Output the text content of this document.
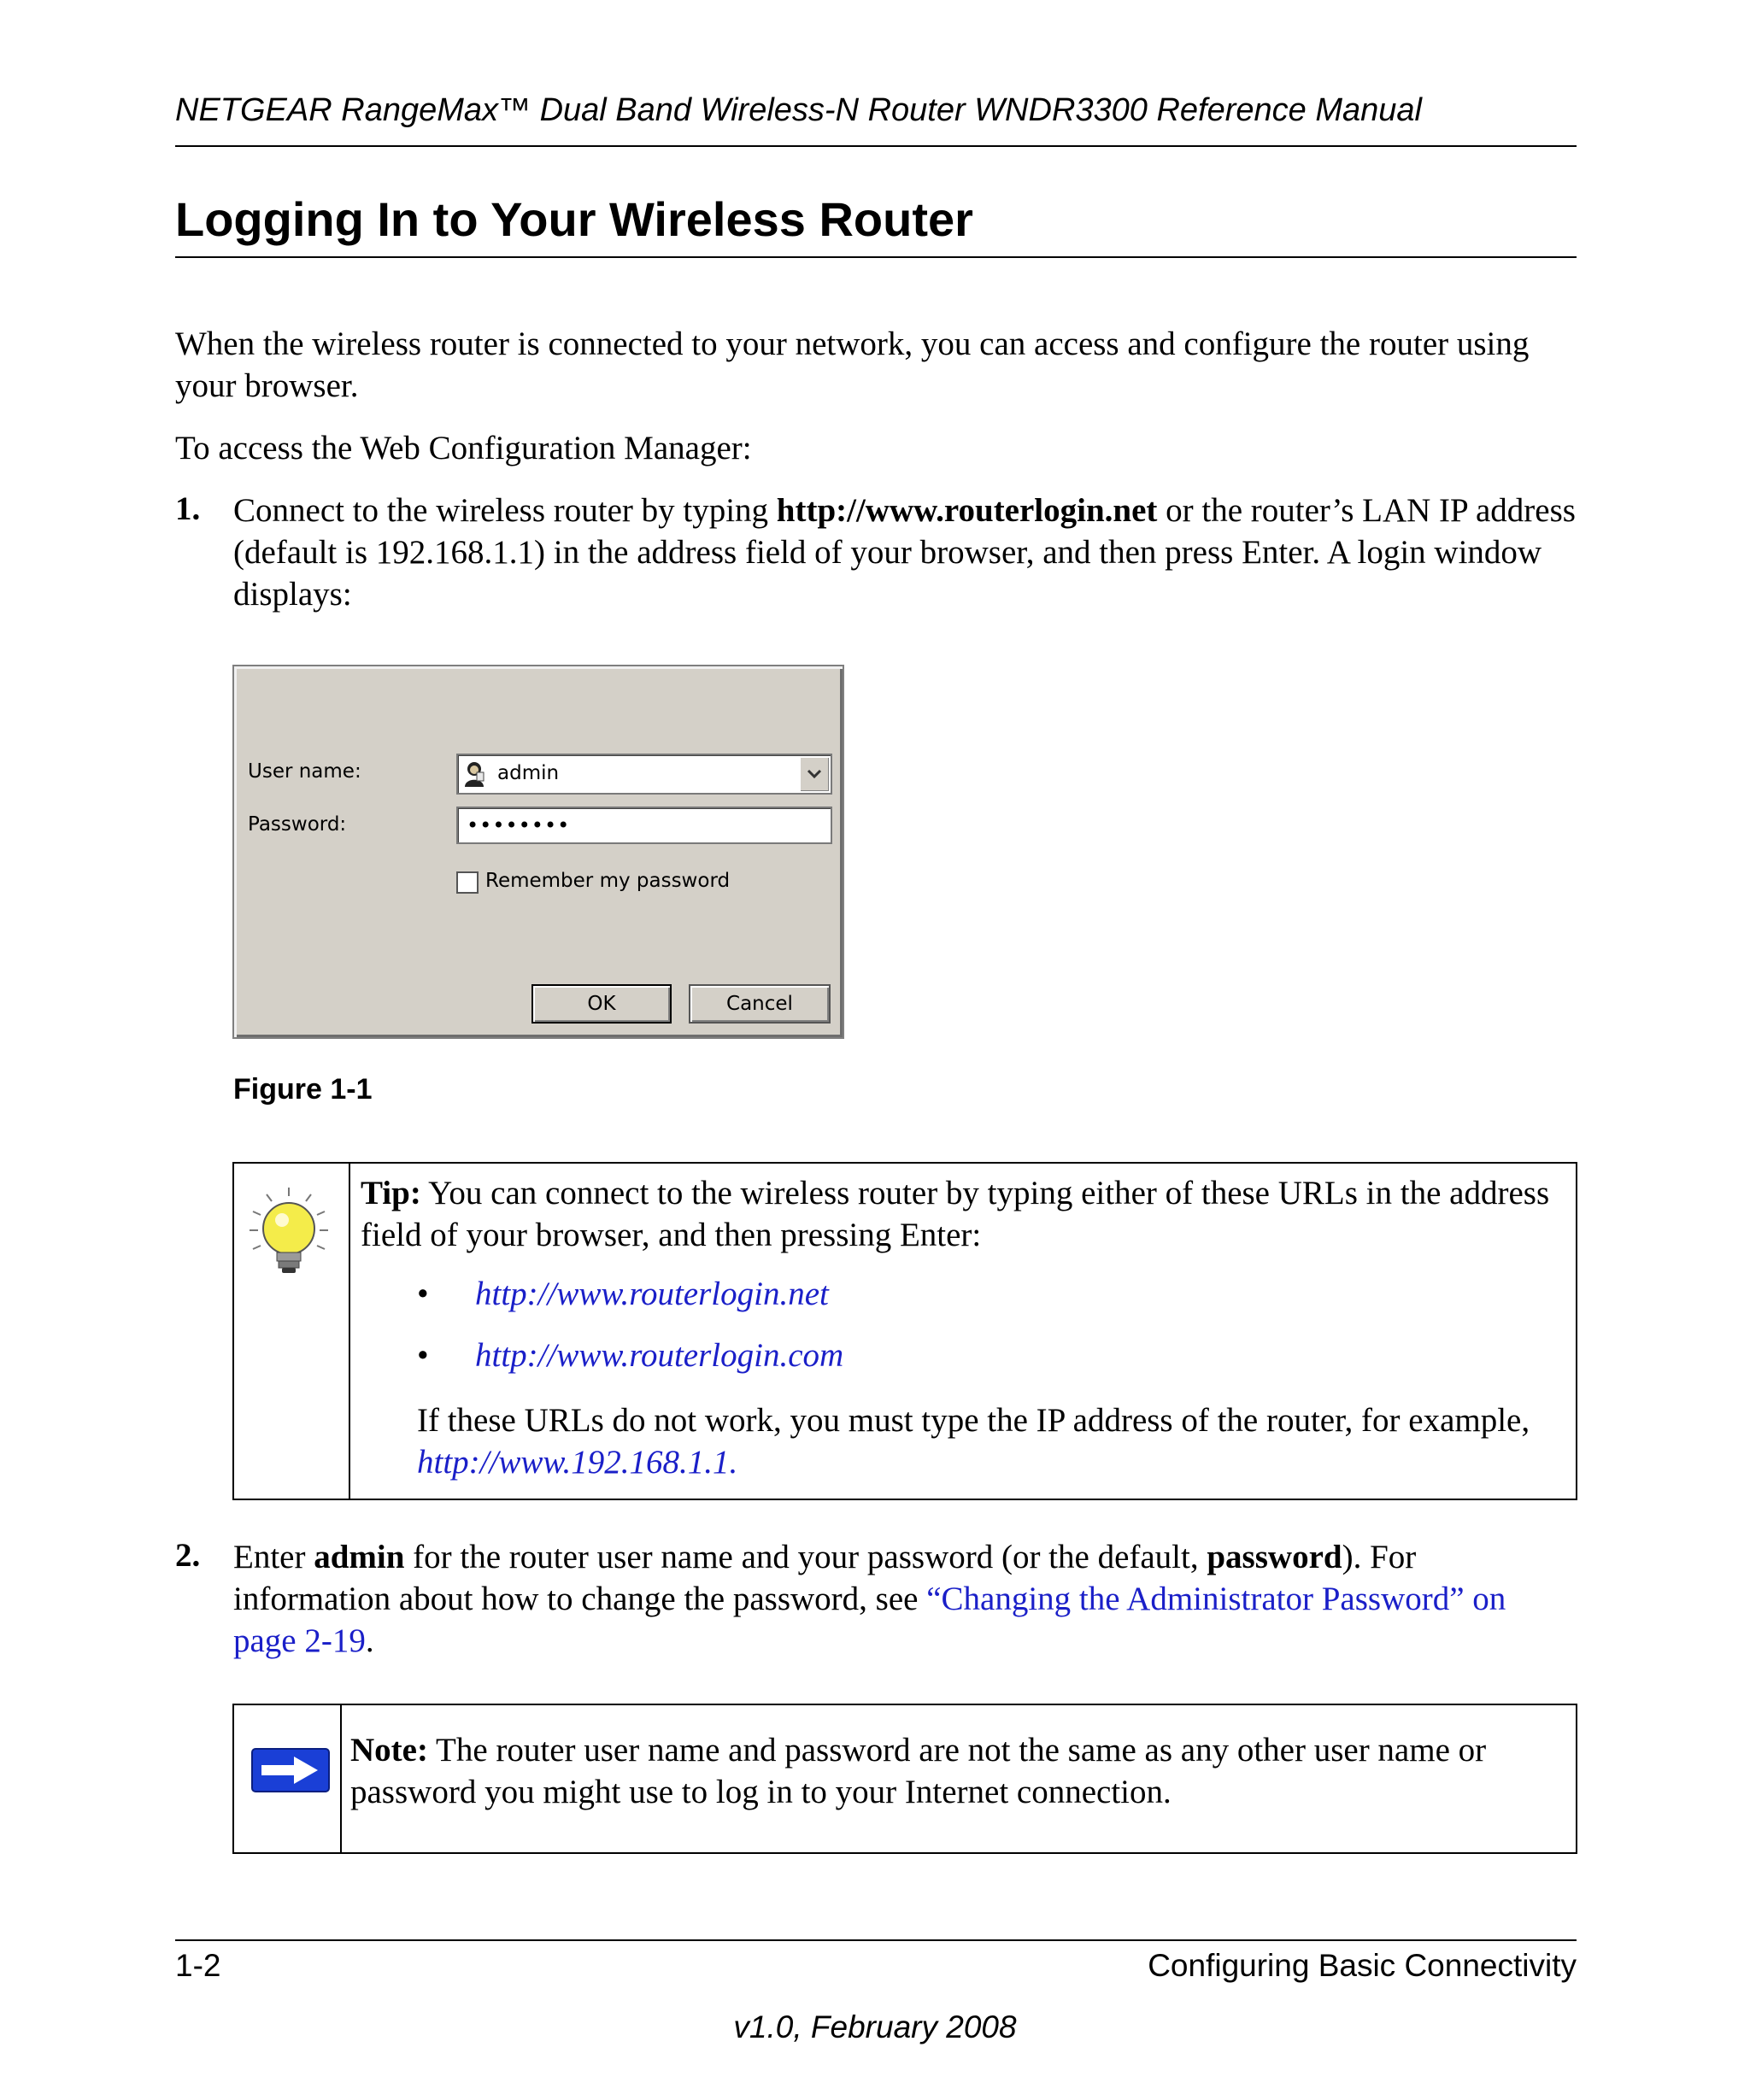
NETGEAR RangeMax™ Dual Band Wireless-N Router WNDR3300 Reference Manual
Logging In to Your Wireless Router
When the wireless router is connected to your network, you can access and configure the router using your browser.
To access the Web Configuration Manager:
1. Connect to the wireless router by typing http://www.routerlogin.net or the router’s LAN IP address (default is 192.168.1.1) in the address field of your browser, and then press Enter. A login window displays:
User name:	admin
Password:	••••••••
Remember my password
OK	Cancel
Figure 1-1
Tip: You can connect to the wireless router by typing either of these URLs in the address field of your browser, and then pressing Enter:
• http://www.routerlogin.net
• http://www.routerlogin.com
If these URLs do not work, you must type the IP address of the router, for example, http://www.192.168.1.1.
2. Enter admin for the router user name and your password (or the default, password). For information about how to change the password, see “Changing the Administrator Password” on page 2-19.
Note: The router user name and password are not the same as any other user name or password you might use to log in to your Internet connection.
1-2	Configuring Basic Connectivity
v1.0, February 2008
